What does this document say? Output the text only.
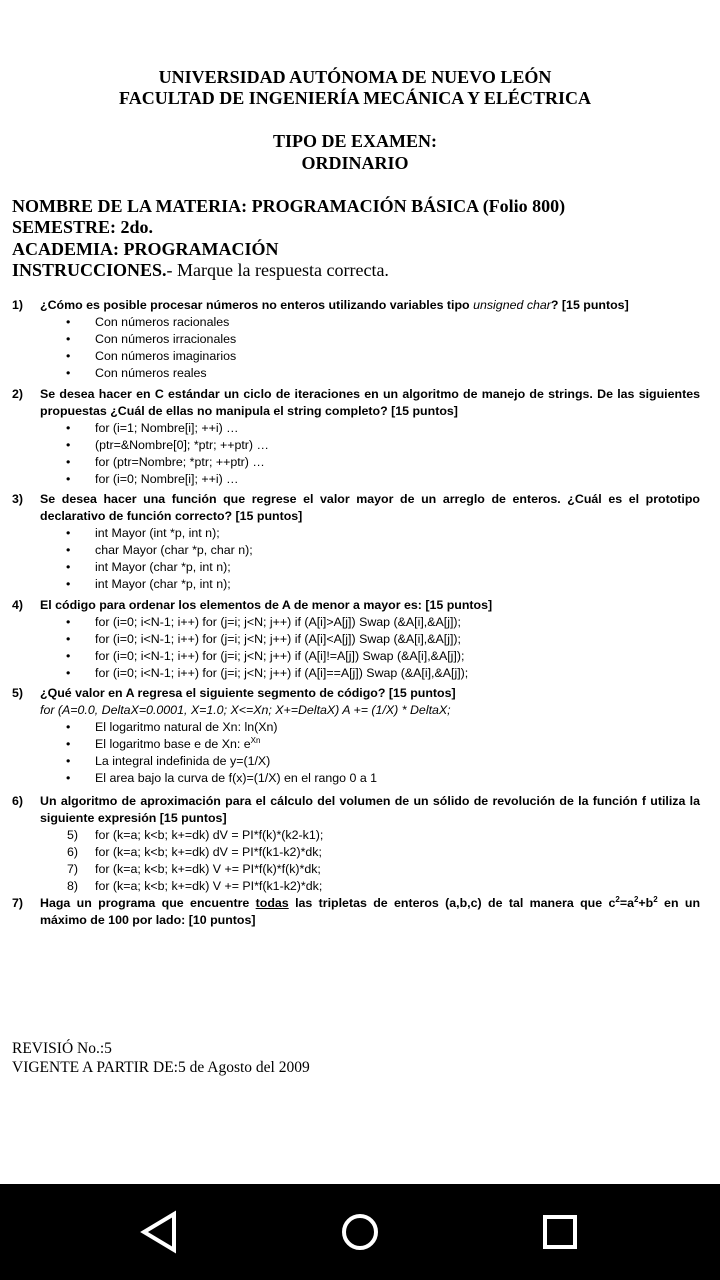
UNIVERSIDAD AUTÓNOMA DE NUEVO LEÓN
FACULTAD DE INGENIERÍA MECÁNICA Y ELÉCTRICA
TIPO DE EXAMEN:
ORDINARIO
NOMBRE DE LA MATERIA: PROGRAMACIÓN BÁSICA (Folio 800)
SEMESTRE: 2do.
ACADEMIA: PROGRAMACIÓN
INSTRUCCIONES.- Marque la respuesta correcta.
1) ¿Cómo es posible procesar números no enteros utilizando variables tipo unsigned char? [15 puntos]
• Con números racionales
• Con números irracionales
• Con números imaginarios
• Con números reales
2) Se desea hacer en C estándar un ciclo de iteraciones en un algoritmo de manejo de strings. De las siguientes propuestas ¿Cuál de ellas no manipula el string completo? [15 puntos]
• for (i=1; Nombre[i]; ++i) …
• (ptr=&Nombre[0]; *ptr; ++ptr) …
• for (ptr=Nombre; *ptr; ++ptr) …
• for (i=0; Nombre[i]; ++i) …
3) Se desea hacer una función que regrese el valor mayor de un arreglo de enteros. ¿Cuál es el prototipo declarativo de función correcto? [15 puntos]
• int Mayor (int *p, int n);
• char Mayor (char *p, char n);
• int Mayor (char *p, int n);
• int Mayor (char *p, int n);
4) El código para ordenar los elementos de A de menor a mayor es: [15 puntos]
• for (i=0; i<N-1; i++) for (j=i; j<N; j++) if (A[i]>A[j]) Swap (&A[i],&A[j]);
• for (i=0; i<N-1; i++) for (j=i; j<N; j++) if (A[i]<A[j]) Swap (&A[i],&A[j]);
• for (i=0; i<N-1; i++) for (j=i; j<N; j++) if (A[i]!=A[j]) Swap (&A[i],&A[j]);
• for (i=0; i<N-1; i++) for (j=i; j<N; j++) if (A[i]==A[j]) Swap (&A[i],&A[j]);
5) ¿Qué valor en A regresa el siguiente segmento de código? [15 puntos]
for (A=0.0, DeltaX=0.0001, X=1.0; X<=Xn; X+=DeltaX) A += (1/X) * DeltaX;
• El logaritmo natural de Xn: ln(Xn)
• El logaritmo base e de Xn: $e^{Xn}$
• La integral indefinida de y=(1/X)
• El area bajo la curva de f(x)=(1/X) en el rango 0 a 1
6) Un algoritmo de aproximación para el cálculo del volumen de un sólido de revolución de la función f utiliza la siguiente expresión [15 puntos]
5) for (k=a; k<b; k+=dk) dV = PI*f(k)*(k2-k1);
6) for (k=a; k<b; k+=dk) dV = PI*f(k1-k2)*dk;
7) for (k=a; k<b; k+=dk) V += PI*f(k)*f(k)*dk;
8) for (k=a; k<b; k+=dk) V += PI*f(k1-k2)*dk;
7) Haga un programa que encuentre todas las tripletas de enteros (a,b,c) de tal manera que $c^2=a^2+b^2$ en un máximo de 100 por lado: [10 puntos]
REVISIÓ No.:5
VIGENTE A PARTIR DE:5 de Agosto del 2009
